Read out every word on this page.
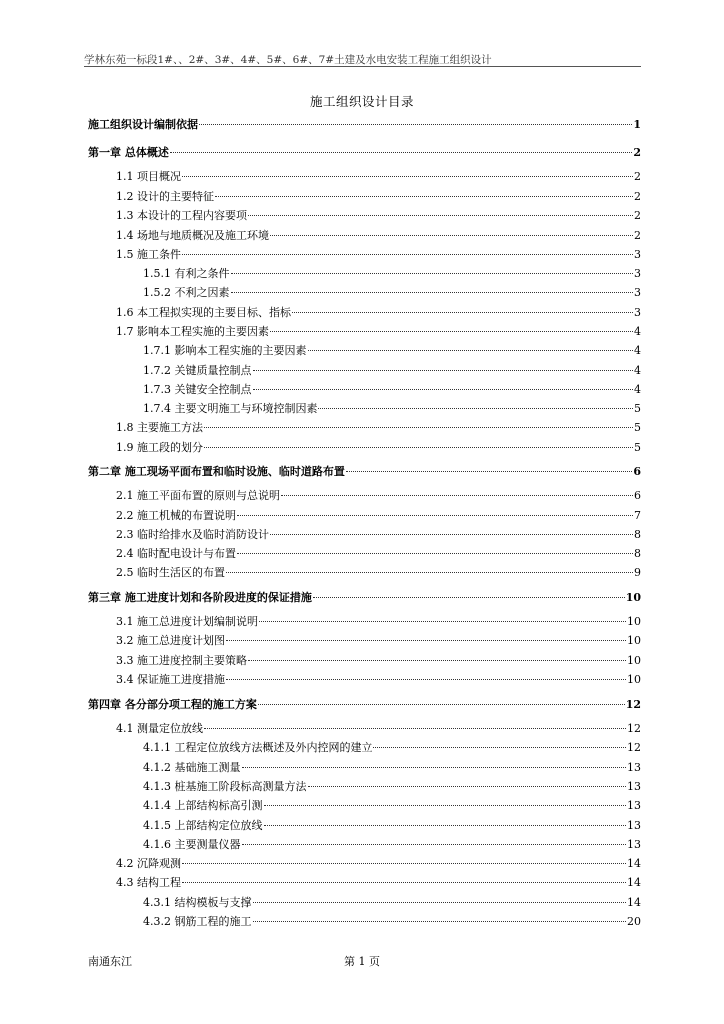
学林东苑一标段1#、、2#、3#、4#、5#、6#、7#土建及水电安装工程施工组织设计
施工组织设计目录
施工组织设计编制依据	1
第一章 总体概述	2
1.1 项目概况	2
1.2 设计的主要特征	2
1.3 本设计的工程内容要项	2
1.4 场地与地质概况及施工环境	2
1.5 施工条件	3
1.5.1 有利之条件	3
1.5.2 不利之因素	3
1.6 本工程拟实现的主要目标、指标	3
1.7 影响本工程实施的主要因素	4
1.7.1 影响本工程实施的主要因素	4
1.7.2 关键质量控制点	4
1.7.3 关键安全控制点	4
1.7.4 主要文明施工与环境控制因素	5
1.8 主要施工方法	5
1.9 施工段的划分	5
第二章 施工现场平面布置和临时设施、临时道路布置	6
2.1 施工平面布置的原则与总说明	6
2.2 施工机械的布置说明	7
2.3 临时给排水及临时消防设计	8
2.4 临时配电设计与布置	8
2.5 临时生活区的布置	9
第三章 施工进度计划和各阶段进度的保证措施	10
3.1 施工总进度计划编制说明	10
3.2 施工总进度计划图	10
3.3 施工进度控制主要策略	10
3.4 保证施工进度措施	10
第四章 各分部分项工程的施工方案	12
4.1 测量定位放线	12
4.1.1 工程定位放线方法概述及外内控网的建立	12
4.1.2 基础施工测量	13
4.1.3 桩基施工阶段标高测量方法	13
4.1.4 上部结构标高引测	13
4.1.5 上部结构定位放线	13
4.1.6 主要测量仪器	13
4.2 沉降观测	14
4.3 结构工程	14
4.3.1 结构模板与支撑	14
4.3.2 钢筋工程的施工	20
南通东江	第 1 页
